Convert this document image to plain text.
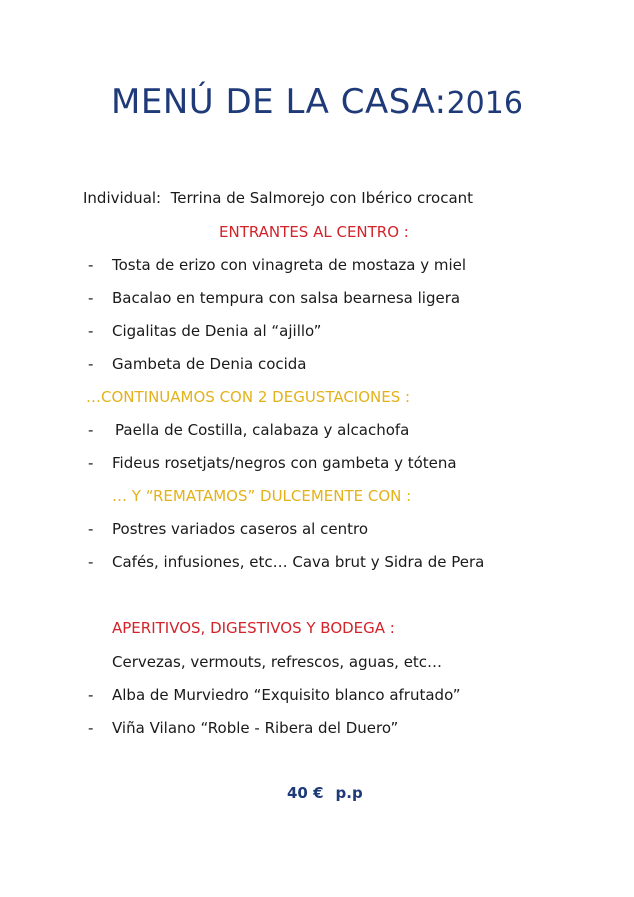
MENÚ DE LA CASA:2016
Individual: Terrina de Salmorejo con Ibérico crocant
ENTRANTES AL CENTRO :
- Tosta de erizo con vinagreta de mostaza y miel
- Bacalao en tempura con salsa bearnesa ligera
- Cigalitas de Denia al “ajillo”
- Gambeta de Denia cocida
…CONTINUAMOS CON 2 DEGUSTACIONES :
- Paella de Costilla, calabaza y alcachofa
- Fideus rosetjats/negros con gambeta y tótena
… Y “REMATAMOS” DULCEMENTE CON :
- Postres variados caseros al centro
- Cafés, infusiones, etc… Cava brut y Sidra de Pera
APERITIVOS, DIGESTIVOS Y BODEGA :
Cervezas, vermouts, refrescos, aguas, etc…
- Alba de Murviedro “Exquisito blanco afrutado”
- Viña Vilano “Roble - Ribera del Duero”
40 € p.p
